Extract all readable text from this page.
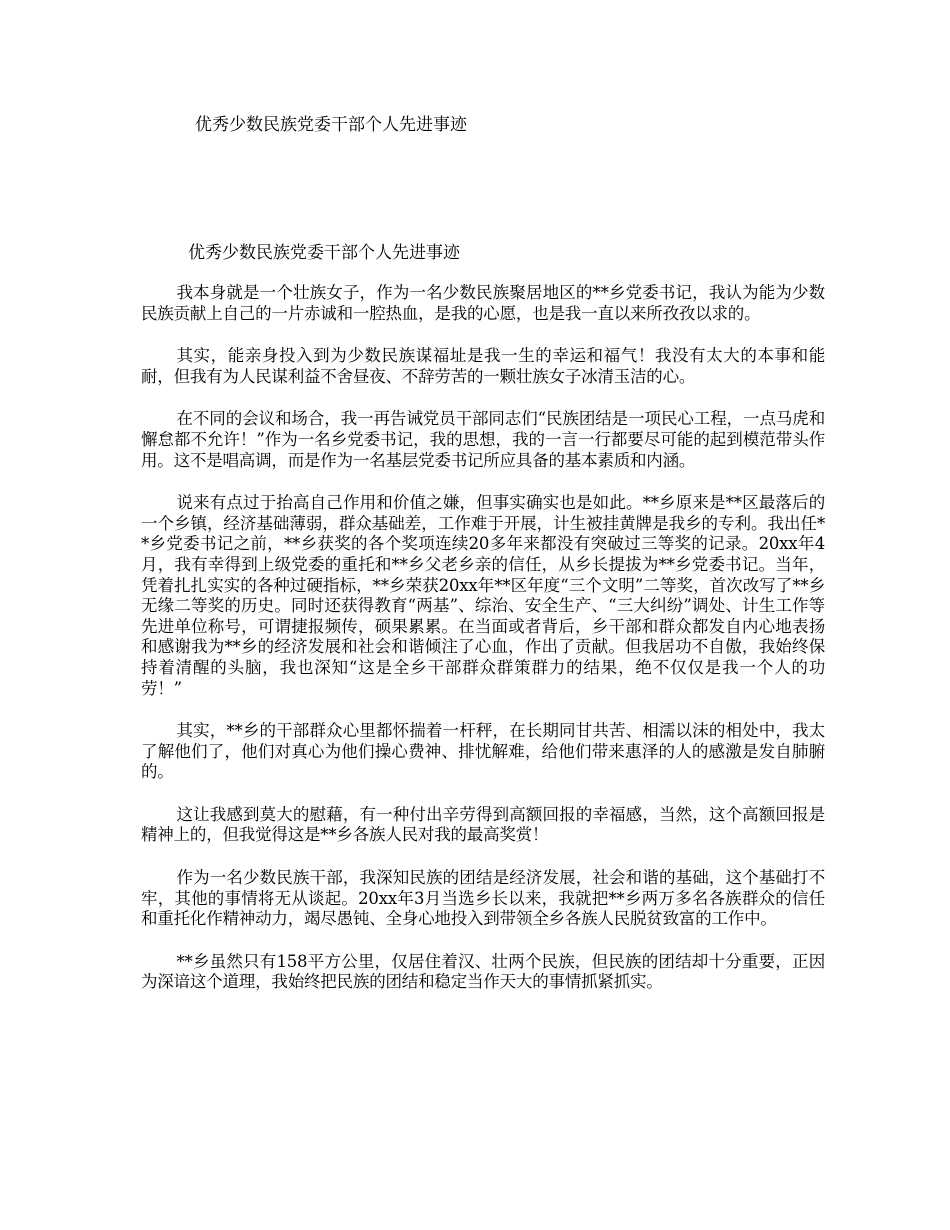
优秀少数民族党委干部个人先进事迹
优秀少数民族党委干部个人先进事迹

我本身就是一个壮族女子，作为一名少数民族聚居地区的**乡党委书记，我认为能为少数民族贡献上自己的一片赤诚和一腔热血，是我的心愿，也是我一直以来所孜孜以求的。

其实，能亲身投入到为少数民族谋福址是我一生的幸运和福气！我没有太大的本事和能耐，但我有为人民谋利益不舍昼夜、不辞劳苦的一颗壮族女子冰清玉洁的心。

在不同的会议和场合，我一再告诫党员干部同志们“民族团结是一项民心工程，一点马虎和懈怠都不允许！”作为一名乡党委书记，我的思想，我的一言一行都要尽可能的起到模范带头作用。这不是唱高调，而是作为一名基层党委书记所应具备的基本素质和内涵。

说来有点过于抬高自己作用和价值之嫌，但事实确实也是如此。**乡原来是**区最落后的一个乡镇，经济基础薄弱，群众基础差，工作难于开展，计生被挂黄牌是我乡的专利。我出任**乡党委书记之前，**乡获奖的各个奖项连续20多年来都没有突破过三等奖的记录。20xx年4月，我有幸得到上级党委的重托和**乡父老乡亲的信任，从乡长提拔为**乡党委书记。当年，凭着扎扎实实的各种过硬指标，**乡荣获20xx年**区年度“三个文明”二等奖，首次改写了**乡无缘二等奖的历史。同时还获得教育“两基”、综治、安全生产、“三大纠纷”调处、计生工作等先进单位称号，可谓捷报频传，硕果累累。在当面或者背后，乡干部和群众都发自内心地表扬和感谢我为**乡的经济发展和社会和谐倾注了心血，作出了贡献。但我居功不自傲，我始终保持着清醒的头脑，我也深知“这是全乡干部群众群策群力的结果，绝不仅仅是我一个人的功劳！”

其实，**乡的干部群众心里都怀揣着一杆秤，在长期同甘共苦、相濡以沫的相处中，我太了解他们了，他们对真心为他们操心费神、排忧解难，给他们带来惠泽的人的感激是发自肺腑的。

这让我感到莫大的慰藉，有一种付出辛劳得到高额回报的幸福感，当然，这个高额回报是精神上的，但我觉得这是**乡各族人民对我的最高奖赏！

作为一名少数民族干部，我深知民族的团结是经济发展，社会和谐的基础，这个基础打不牢，其他的事情将无从谈起。20xx年3月当选乡长以来，我就把**乡两万多名各族群众的信任和重托化作精神动力，竭尽愚钝、全身心地投入到带领全乡各族人民脱贫致富的工作中。

**乡虽然只有158平方公里，仅居住着汉、壮两个民族，但民族的团结却十分重要，正因为深谙这个道理，我始终把民族的团结和稳定当作天大的事情抓紧抓实。
